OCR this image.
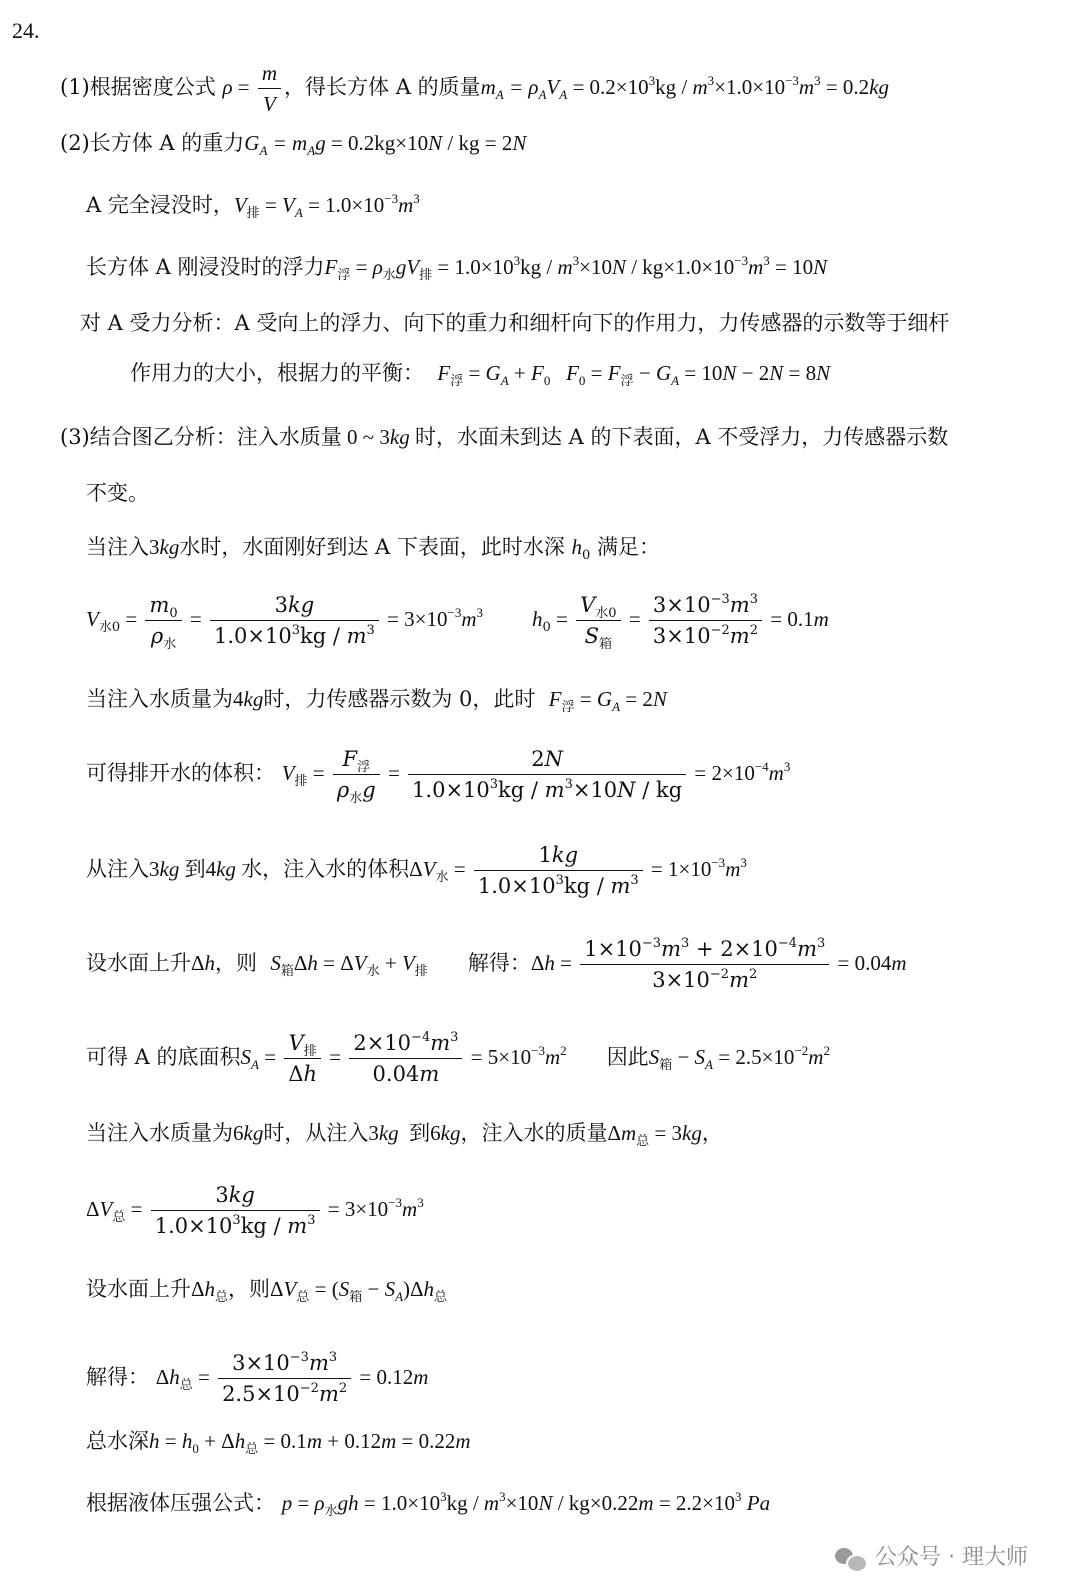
24.
(1)根据密度公式 $\rho = \frac{m}{V}$ ，得长方体 A 的质量$m_A = \rho_AV_A = 0.2\times 10^3kg / m^3\times 1.0\times 10^{-3}m^3 = 0.2kg$
(2)长方体 A 的重力$G_A = m_Ag = 0.2kg\times 10N$ / kg = 2N
A 完全浸没时，$V_排 = V_A = 1.0\times 10^{-3}m^3$
长方体 A 刚浸没时的浮力$F_浮 = \rho_水gV_排 = 1.0\times 10^3kg / m^3\times 10N / kg\times 1.0\times 10^{-3}m^3 = 10N$
对 A 受力分析：A 受向上的浮力、向下的重力和细杆向下的作用力，力传感器的示数等于细杆
作用力的大小，根据力的平衡： $F_浮 = G_A + F_0$ $F_0 = F_浮 - G_A = 10N - 2N = 8N$
(3)结合图乙分析：注入水质量 0 ~ 3kg 时，水面未到达 A 的下表面，A 不受浮力，力传感器示数
不变。
当注入3kg水时，水面刚好到达 A 下表面，此时水深 $h_0$ 满足：
$V_{水0} = \frac{m_0}{\rho_水} = \frac{3kg}{1.0\times 10^3kg / m^3} = 3\times 10^{-3}m^3$ $h_0 = \frac{V_{水0}}{S_箱} = \frac{3\times 10^{-3}m^3}{3\times 10^{-2}m^2} = 0.1m$
当注入水质量为4kg时，力传感器示数为 0，此时 $F_浮 = G_A = 2N$
可得排开水的体积： $V_排 = \frac{F_浮}{\rho_水g} = \frac{2N}{1.0\times 10^3kg / m^3\times 10N / kg} = 2\times 10^{-4}m^3$
从注入3kg 到4kg 水，注入水的体积$\Delta V_水 = \frac{1kg}{1.0\times 10^3kg / m^3} = 1\times 10^{-3}m^3$
设水面上升Δh，则 $S_箱\Delta h = \Delta V_水 + V_排$ 解得：$\Delta h = \frac{1\times 10^{-3}m^3 + 2\times 10^{-4}m^3}{3\times 10^{-2}m^2} = 0.04m$
可得 A 的底面积$S_A = \frac{V_排}{\Delta h} = \frac{2\times 10^{-4}m^3}{0.04m} = 5\times 10^{-3}m^2$ 因此$S_箱 - S_A = 2.5\times 10^{-2}m^2$
当注入水质量为6kg时，从注入3kg 到6kg，注入水的质量$\Delta m_总 = 3kg$，
$\Delta V_总 = \frac{3kg}{1.0\times 10^3kg / m^3} = 3\times 10^{-3}m^3$
设水面上升$\Delta h_总$，则$\Delta V_总 = (S_箱 - S_A)\Delta h_总$
解得： $\Delta h_总 = \frac{3\times 10^{-3}m^3}{2.5\times 10^{-2}m^2} = 0.12m$
总水深$h = h_0 + \Delta h_总 = 0.1m + 0.12m = 0.22m$
根据液体压强公式： $p = \rho_水gh = 1.0\times 10^3kg / m^3\times 10N / kg\times 0.22m = 2.2\times 10^3$ Pa
公众号 · 理大师
